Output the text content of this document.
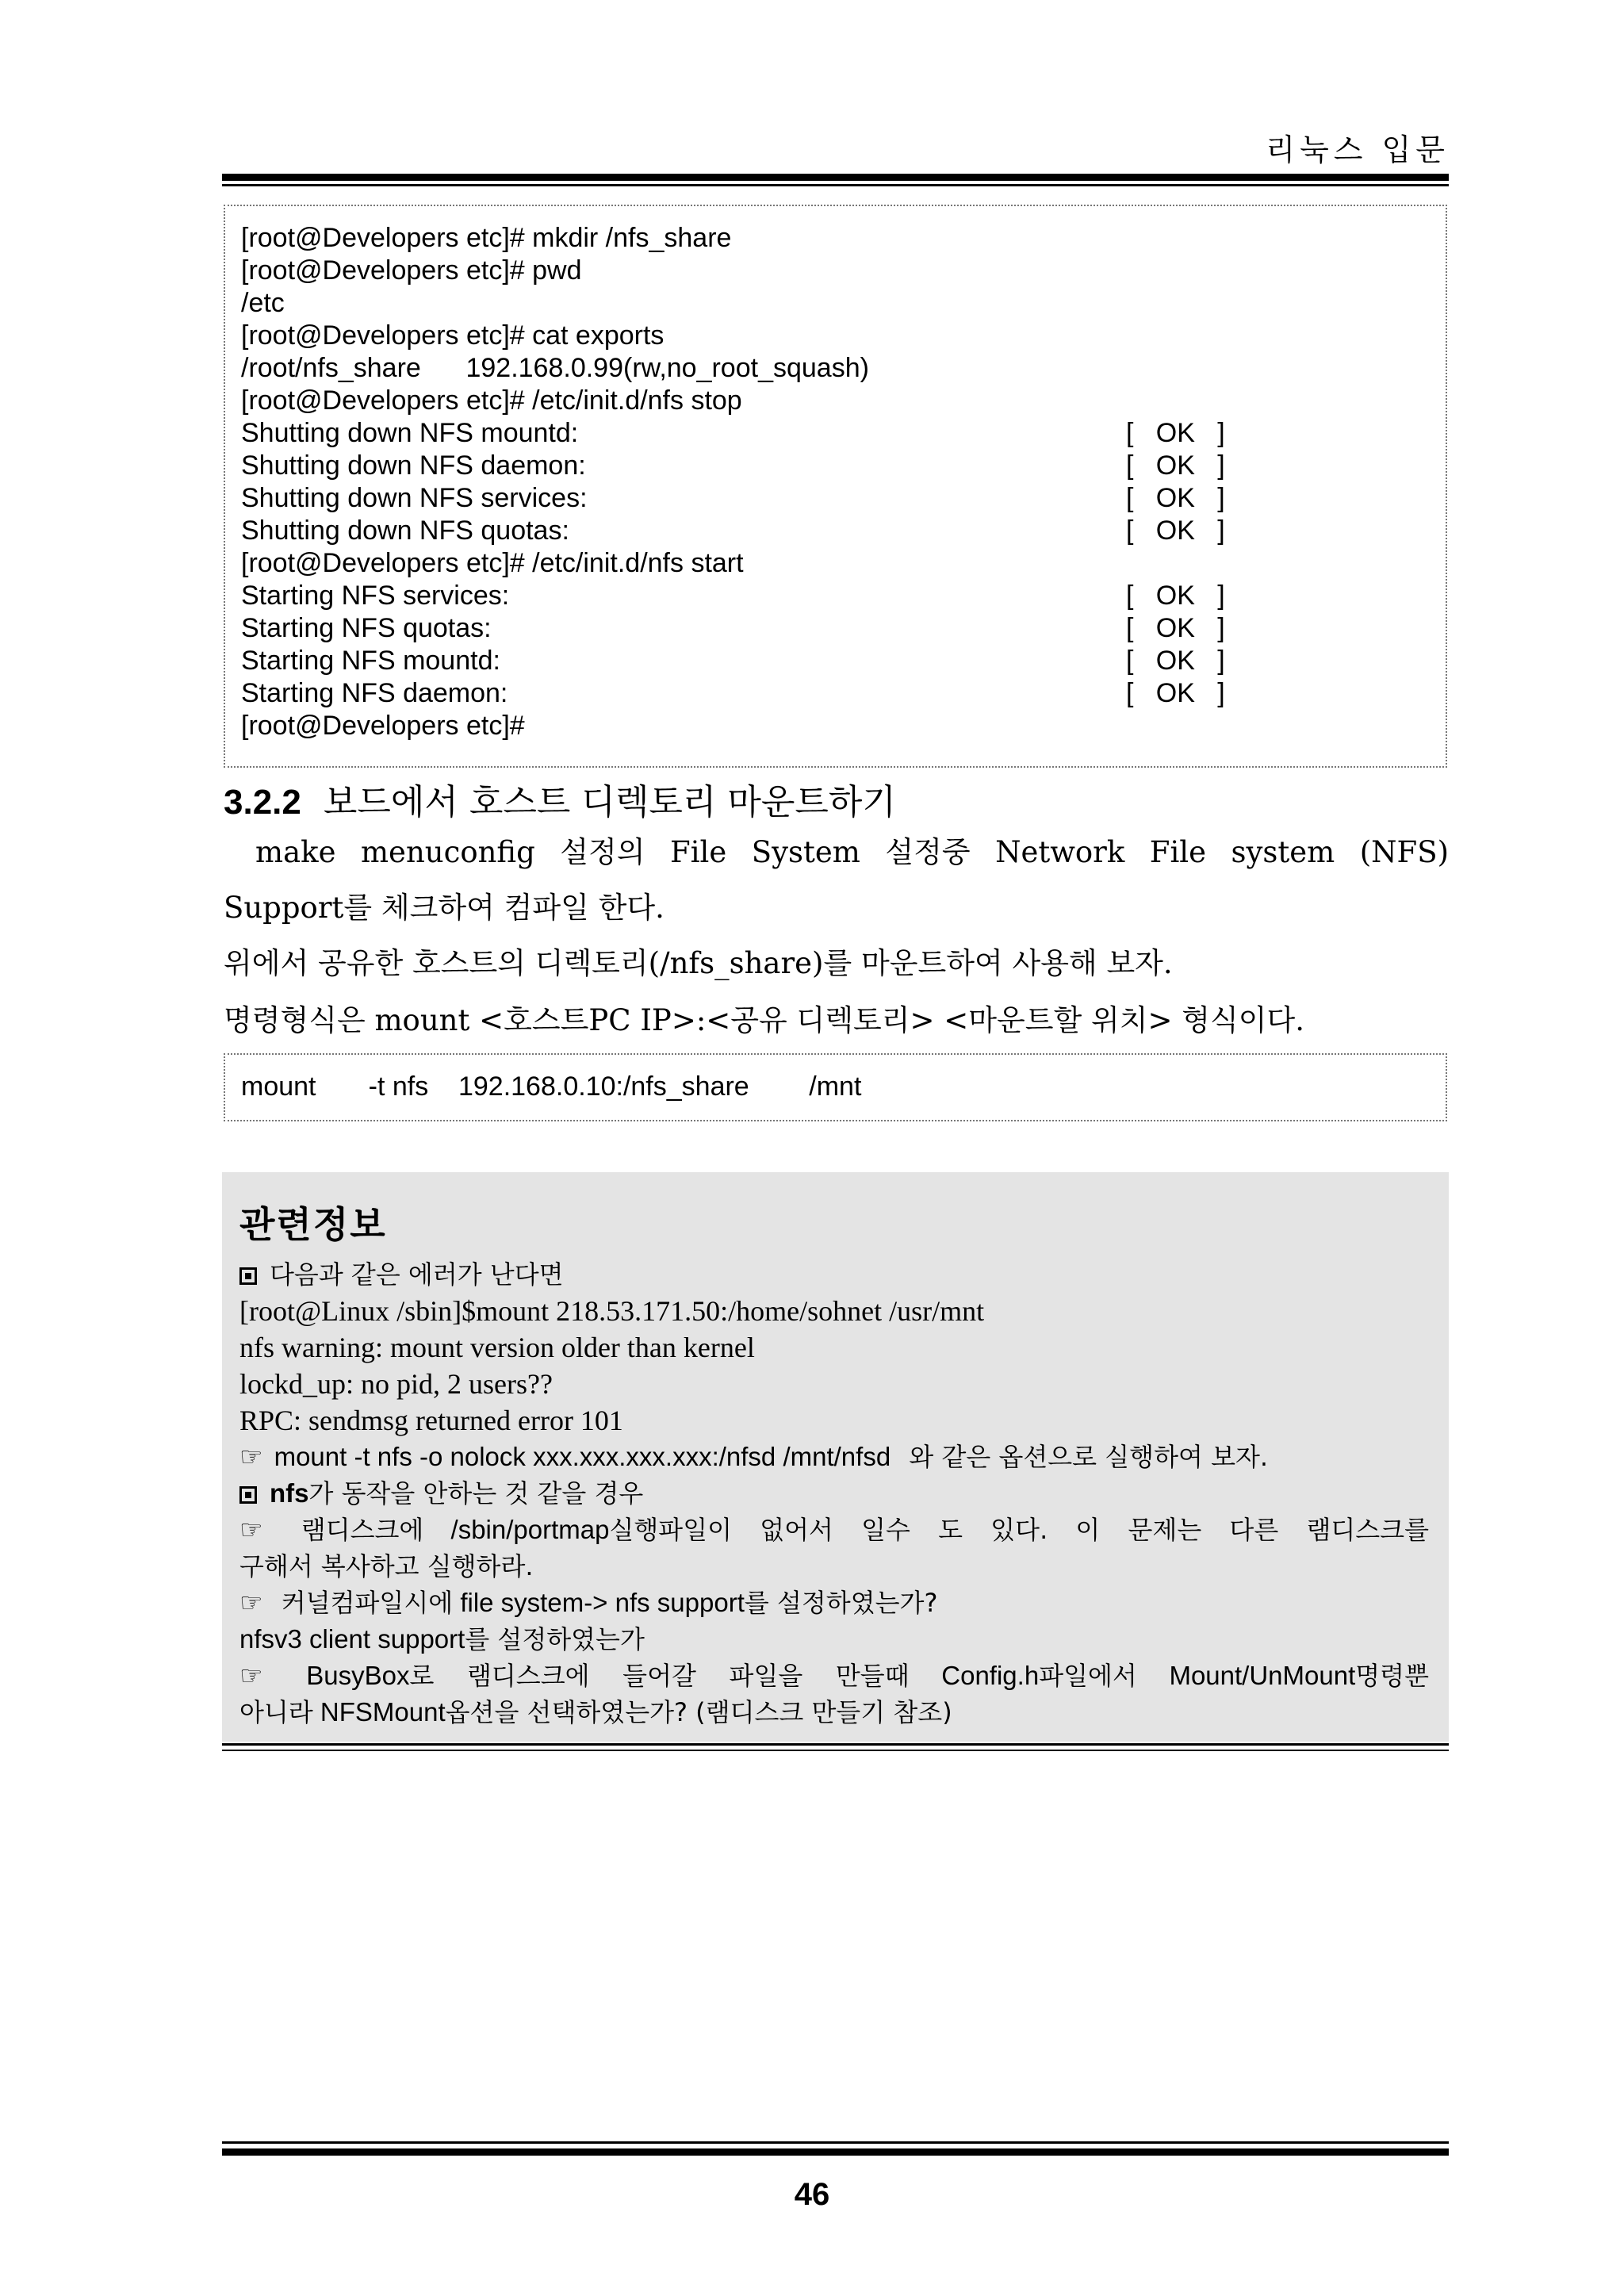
리눅스 입문
[root@Developers etc]# mkdir /nfs_share
[root@Developers etc]# pwd
/etc
[root@Developers etc]# cat exports
/root/nfs_share      192.168.0.99(rw,no_root_squash)
[root@Developers etc]# /etc/init.d/nfs stop
Shutting down NFS mountd:	[   OK   ]
Shutting down NFS daemon:	[   OK   ]
Shutting down NFS services:	[   OK   ]
Shutting down NFS quotas:	[   OK   ]
[root@Developers etc]# /etc/init.d/nfs start
Starting NFS services:	[   OK   ]
Starting NFS quotas:	[   OK   ]
Starting NFS mountd:	[   OK   ]
Starting NFS daemon:	[   OK   ]
[root@Developers etc]#
3.2.2 보드에서 호스트 디렉토리 마운트하기
make menuconfig 설정의 File System 설정중 Network File system (NFS)
Support를 체크하여 컴파일 한다.
위에서 공유한 호스트의 디렉토리(/nfs_share)를 마운트하여 사용해 보자.
명령형식은 mount <호스트PC IP>:<공유 디렉토리> <마운트할 위치> 형식이다.
mount       -t nfs    192.168.0.10:/nfs_share        /mnt
관련정보
다음과 같은 에러가 난다면
[root@Linux /sbin]$mount 218.53.171.50:/home/sohnet /usr/mnt
nfs warning: mount version older than kernel
lockd_up: no pid, 2 users??
RPC: sendmsg returned error 101
☞ mount -t nfs -o nolock xxx.xxx.xxx.xxx:/nfsd /mnt/nfsd 와 같은 옵션으로 실행하여 보자.
nfs가 동작을 안하는 것 같을 경우
☞ 램디스크에 /sbin/portmap실행파일이 없어서 일수 도 있다. 이 문제는 다른 램디스크를
구해서 복사하고 실행하라.
☞ 커널컴파일시에 file system-> nfs support를 설정하였는가?
nfsv3 client support를 설정하였는가
☞ BusyBox로 램디스크에 들어갈 파일을 만들때 Config.h파일에서 Mount/UnMount명령뿐
아니라 NFSMount옵션을 선택하였는가? (램디스크 만들기 참조)
46
